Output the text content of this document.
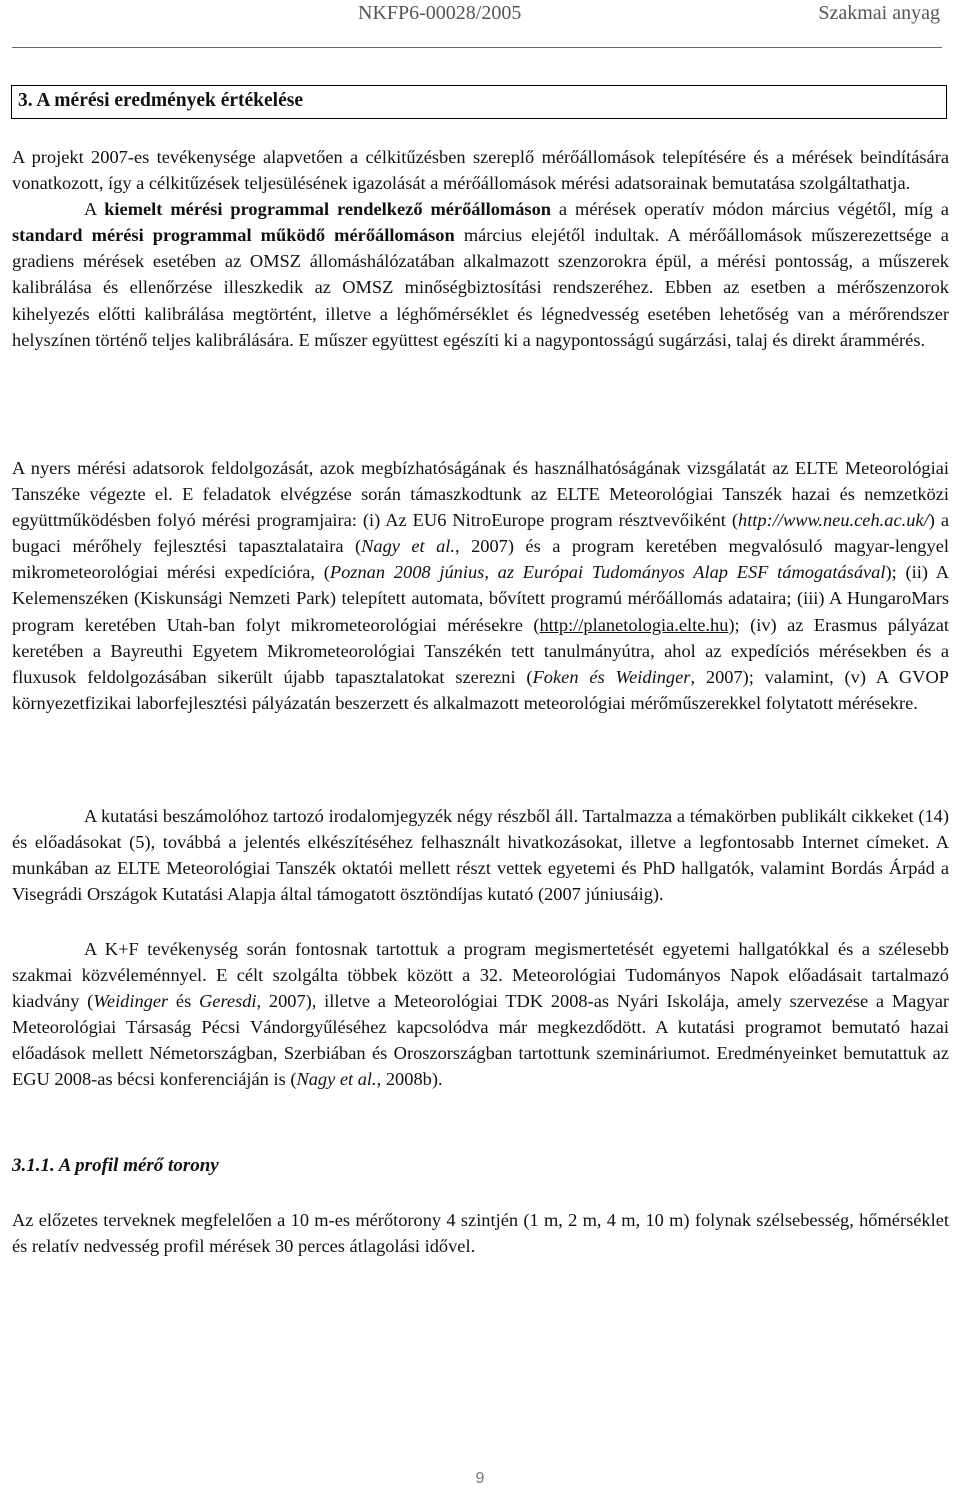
NKFP6-00028/2005	Szakmai anyag
3. A mérési eredmények értékelése

A projekt 2007-es tevékenysége alapvetően a célkitűzésben szereplő mérőállomások telepítésére és a mérések beindítására vonatkozott, így a célkitűzések teljesülésének igazolását a mérőállomások mérési adatsorainak bemutatása szolgáltathatja.
A kiemelt mérési programmal rendelkező mérőállomáson a mérések operatív módon március végétől, míg a standard mérési programmal működő mérőállomáson március elejétől indultak. A mérőállomások műszerezettsége a gradiens mérések esetében az OMSZ állomáshálózatában alkalmazott szenzorokra épül, a mérési pontosság, a műszerek kalibrálása és ellenőrzése illeszkedik az OMSZ minőségbiztosítási rendszeréhez. Ebben az esetben a mérőszenzorok kihelyezés előtti kalibrálása megtörtént, illetve a léghőmérséklet és légnedvesség esetében lehetőség van a mérőrendszer helyszínen történő teljes kalibrálására. E műszer együttest egészíti ki a nagypontosságú sugárzási, talaj és direkt árammérés.

A nyers mérési adatsorok feldolgozását, azok megbízhatóságának és használhatóságának vizsgálatát az ELTE Meteorológiai Tanszéke végezte el. E feladatok elvégzése során támaszkodtunk az ELTE Meteorológiai Tanszék hazai és nemzetközi együttműködésben folyó mérési programjaira: (i) Az EU6 NitroEurope program résztvevőiként (http://www.neu.ceh.ac.uk/) a bugaci mérőhely fejlesztési tapasztalataira (Nagy et al., 2007) és a program keretében megvalósuló magyar-lengyel mikrometeorológiai mérési expedícióra, (Poznan 2008 június, az Európai Tudományos Alap ESF támogatásával); (ii) A Kelemenszéken (Kiskunsági Nemzeti Park) telepített automata, bővített programú mérőállomás adataira; (iii) A HungaroMars program keretében Utah-ban folyt mikrometeorológiai mérésekre (http://planetologia.elte.hu); (iv) az Erasmus pályázat keretében a Bayreuthi Egyetem Mikrometeorológiai Tanszékén tett tanulmányútra, ahol az expedíciós mérésekben és a fluxusok feldolgozásában sikerült újabb tapasztalatokat szerezni (Foken és Weidinger, 2007); valamint, (v) A GVOP környezetfizikai laborfejlesztési pályázatán beszerzett és alkalmazott meteorológiai mérőműszerekkel folytatott mérésekre.

A kutatási beszámolóhoz tartozó irodalomjegyzék négy részből áll. Tartalmazza a témakörben publikált cikkeket (14) és előadásokat (5), továbbá a jelentés elkészítéséhez felhasznált hivatkozásokat, illetve a legfontosabb Internet címeket. A munkában az ELTE Meteorológiai Tanszék oktatói mellett részt vettek egyetemi és PhD hallgatók, valamint Bordás Árpád a Visegrádi Országok Kutatási Alapja által támogatott ösztöndíjas kutató (2007 júniusáig).

A K+F tevékenység során fontosnak tartottuk a program megismertetését egyetemi hallgatókkal és a szélesebb szakmai közvéleménnyel. E célt szolgálta többek között a 32. Meteorológiai Tudományos Napok előadásait tartalmazó kiadvány (Weidinger és Geresdi, 2007), illetve a Meteorológiai TDK 2008-as Nyári Iskolája, amely szervezése a Magyar Meteorológiai Társaság Pécsi Vándorgyűléséhez kapcsolódva már megkezdődött. A kutatási programot bemutató hazai előadások mellett Németországban, Szerbiában és Oroszországban tartottunk szemináriumot. Eredményeinket bemutattuk az EGU 2008-as bécsi konferenciáján is (Nagy et al., 2008b).

3.1.1. A profil mérő torony

Az előzetes terveknek megfelelően a 10 m-es mérőtorony 4 szintjén (1 m, 2 m, 4 m, 10 m) folynak szélsebesség, hőmérséklet és relatív nedvesség profil mérések 30 perces átlagolási idővel.

9
